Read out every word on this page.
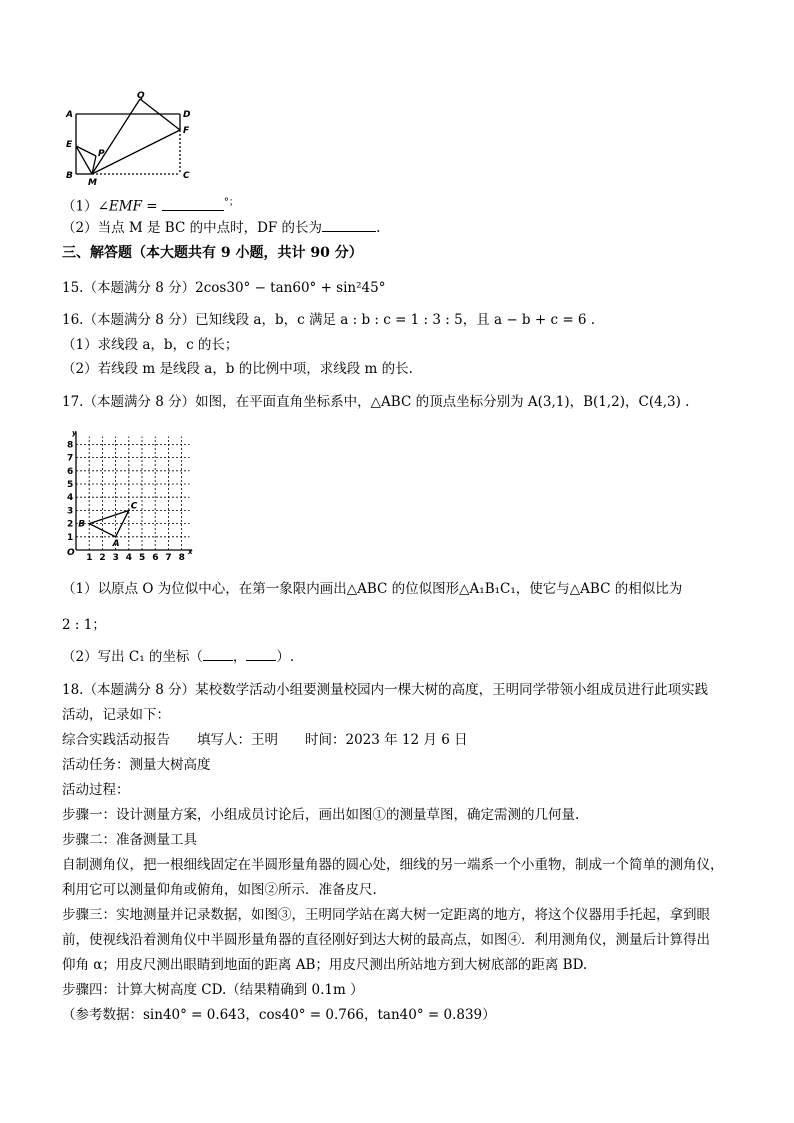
A
E
B
M
P
Q
D
F
C
（1）∠EMF =	°；
（2）当点 M 是 BC 的中点时，DF 的长为	.
三、解答题（本大题共有 9 小题，共计 90 分）
15.（本题满分 8 分）2cos30° − tan60° + sin²45°
16.（本题满分 8 分）已知线段 a，b，c 满足 a : b : c = 1 : 3 : 5，且 a − b + c = 6 .
（1）求线段 a，b，c 的长；
（2）若线段 m 是线段 a，b 的比例中项，求线段 m 的长.
17.（本题满分 8 分）如图，在平面直角坐标系中，△ABC 的顶点坐标分别为 A(3,1)，B(1,2)，C(4,3) .
1 2 3 4 5 6 7 8
1
2
3
4
5
6
7
8
A
B
C
O	x
y
（1）以原点 O 为位似中心，在第一象限内画出△ABC 的位似图形△A₁B₁C₁，使它与△ABC 的相似比为
2 : 1；
（2）写出 C₁ 的坐标（ ， ）.
18.（本题满分 8 分）某校数学活动小组要测量校园内一棵大树的高度，王明同学带领小组成员进行此项实践
活动，记录如下：
综合实践活动报告　　填写人：王明　　时间：2023 年 12 月 6 日
活动任务：测量大树高度
活动过程：
步骤一：设计测量方案，小组成员讨论后，画出如图①的测量草图，确定需测的几何量.
步骤二：准备测量工具
自制测角仪，把一根细线固定在半圆形量角器的圆心处，细线的另一端系一个小重物，制成一个简单的测角仪，
利用它可以测量仰角或俯角，如图②所示．准备皮尺.
步骤三：实地测量并记录数据，如图③，王明同学站在离大树一定距离的地方，将这个仪器用手托起，拿到眼
前，使视线沿着测角仪中半圆形量角器的直径刚好到达大树的最高点，如图④．利用测角仪，测量后计算得出
仰角 α；用皮尺测出眼睛到地面的距离 AB；用皮尺测出所站地方到大树底部的距离 BD.
步骤四：计算大树高度 CD.（结果精确到 0.1m ）
（参考数据：sin40° = 0.643，cos40° = 0.766，tan40° = 0.839）
